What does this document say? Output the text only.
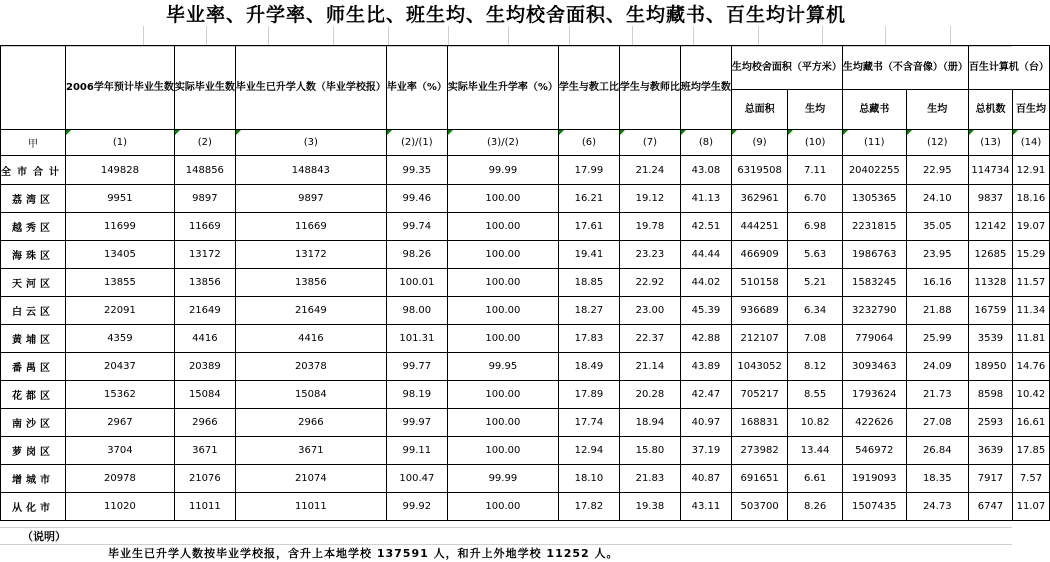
毕业率、升学率、师生比、班生均、生均校舍面积、生均藏书、百生均计算机
	2006学年预计毕业生数	实际毕业生数	毕业生已升学人数（毕业学校报）	毕业率（%）	实际毕业生升学率（%）	学生与教工比	学生与教师比	班均学生数	生均校舍面积（平方米）		生均藏书（不含音像）（册）		百生计算机（台）	
									总面积	生均	总藏书	生均	总机数	百生均
甲	(1)	(2)	(3)	(2)/(1)	(3)/(2)	(6)	(7)	(8)	(9)	(10)	(11)	(12)	(13)	(14)
全市合计	149828	148856	148843	99.35	99.99	17.99	21.24	43.08	6319508	7.11	20402255	22.95	114734	12.91
荔湾区	9951	9897	9897	99.46	100.00	16.21	19.12	41.13	362961	6.70	1305365	24.10	9837	18.16
越秀区	11699	11669	11669	99.74	100.00	17.61	19.78	42.51	444251	6.98	2231815	35.05	12142	19.07
海珠区	13405	13172	13172	98.26	100.00	19.41	23.23	44.44	466909	5.63	1986763	23.95	12685	15.29
天河区	13855	13856	13856	100.01	100.00	18.85	22.92	44.02	510158	5.21	1583245	16.16	11328	11.57
白云区	22091	21649	21649	98.00	100.00	18.27	23.00	45.39	936689	6.34	3232790	21.88	16759	11.34
黄埔区	4359	4416	4416	101.31	100.00	17.83	22.37	42.88	212107	7.08	779064	25.99	3539	11.81
番禺区	20437	20389	20378	99.77	99.95	18.49	21.14	43.89	1043052	8.12	3093463	24.09	18950	14.76
花都区	15362	15084	15084	98.19	100.00	17.89	20.28	42.47	705217	8.55	1793624	21.73	8598	10.42
南沙区	2967	2966	2966	99.97	100.00	17.74	18.94	40.97	168831	10.82	422626	27.08	2593	16.61
萝岗区	3704	3671	3671	99.11	100.00	12.94	15.80	37.19	273982	13.44	546972	26.84	3639	17.85
增城市	20978	21076	21074	100.47	99.99	18.10	21.83	40.87	691651	6.61	1919093	18.35	7917	7.57
从化市	11020	11011	11011	99.92	100.00	17.82	19.38	43.11	503700	8.26	1507435	24.73	6747	11.07
（说明）
毕业生已升学人数按毕业学校报，含升上本地学校 137591 人，和升上外地学校 11252 人。
